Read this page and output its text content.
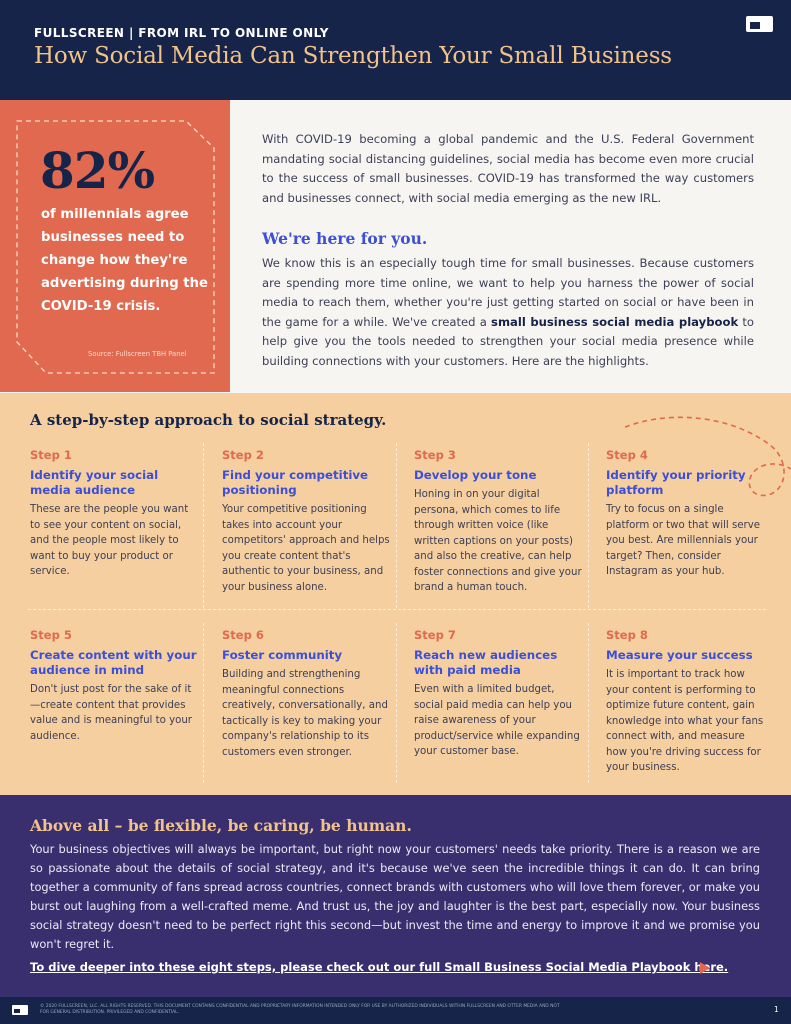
FULLSCREEN | FROM IRL TO ONLINE ONLY
How Social Media Can Strengthen Your Small Business
82%
of millennials agree businesses need to change how they're advertising during the COVID-19 crisis.
Source: Fullscreen TBH Panel
With COVID-19 becoming a global pandemic and the U.S. Federal Government mandating social distancing guidelines, social media has become even more crucial to the success of small businesses. COVID-19 has transformed the way customers and businesses connect, with social media emerging as the new IRL.
We're here for you.
We know this is an especially tough time for small businesses. Because customers are spending more time online, we want to help you harness the power of social media to reach them, whether you're just getting started on social or have been in the game for a while. We've created a small business social media playbook to help give you the tools needed to strengthen your social media presence while building connections with your customers. Here are the highlights.
A step-by-step approach to social strategy.
Step 1
Identify your social media audience
These are the people you want to see your content on social, and the people most likely to want to buy your product or service.
Step 2
Find your competitive positioning
Your competitive positioning takes into account your competitors' approach and helps you create content that's authentic to your business, and your business alone.
Step 3
Develop your tone
Honing in on your digital persona, which comes to life through written voice (like written captions on your posts) and also the creative, can help foster connections and give your brand a human touch.
Step 4
Identify your priority platform
Try to focus on a single platform or two that will serve you best. Are millennials your target? Then, consider Instagram as your hub.
Step 5
Create content with your audience in mind
Don't just post for the sake of it—create content that provides value and is meaningful to your audience.
Step 6
Foster community
Building and strengthening meaningful connections creatively, conversationally, and tactically is key to making your company's relationship to its customers even stronger.
Step 7
Reach new audiences with paid media
Even with a limited budget, social paid media can help you raise awareness of your product/service while expanding your customer base.
Step 8
Measure your success
It is important to track how your content is performing to optimize future content, gain knowledge into what your fans connect with, and measure how you're driving success for your business.
Above all – be flexible, be caring, be human.
Your business objectives will always be important, but right now your customers' needs take priority. There is a reason we are so passionate about the details of social strategy, and it's because we've seen the incredible things it can do. It can bring together a community of fans spread across countries, connect brands with customers who will love them forever, or make you burst out laughing from a well-crafted meme. And trust us, the joy and laughter is the best part, especially now. Your business social strategy doesn't need to be perfect right this second—but invest the time and energy to improve it and we promise you won't regret it.
To dive deeper into these eight steps, please check out our full Small Business Social Media Playbook here.
© 2020 FULLSCREEN, LLC. ALL RIGHTS RESERVED. THIS DOCUMENT CONTAINS CONFIDENTIAL AND PROPRIETARY INFORMATION INTENDED ONLY FOR USE BY AUTHORIZED INDIVIDUALS WITHIN FULLSCREEN AND OTTER MEDIA AND NOT FOR GENERAL DISTRIBUTION. PRIVILEGED AND CONFIDENTIAL.	1
